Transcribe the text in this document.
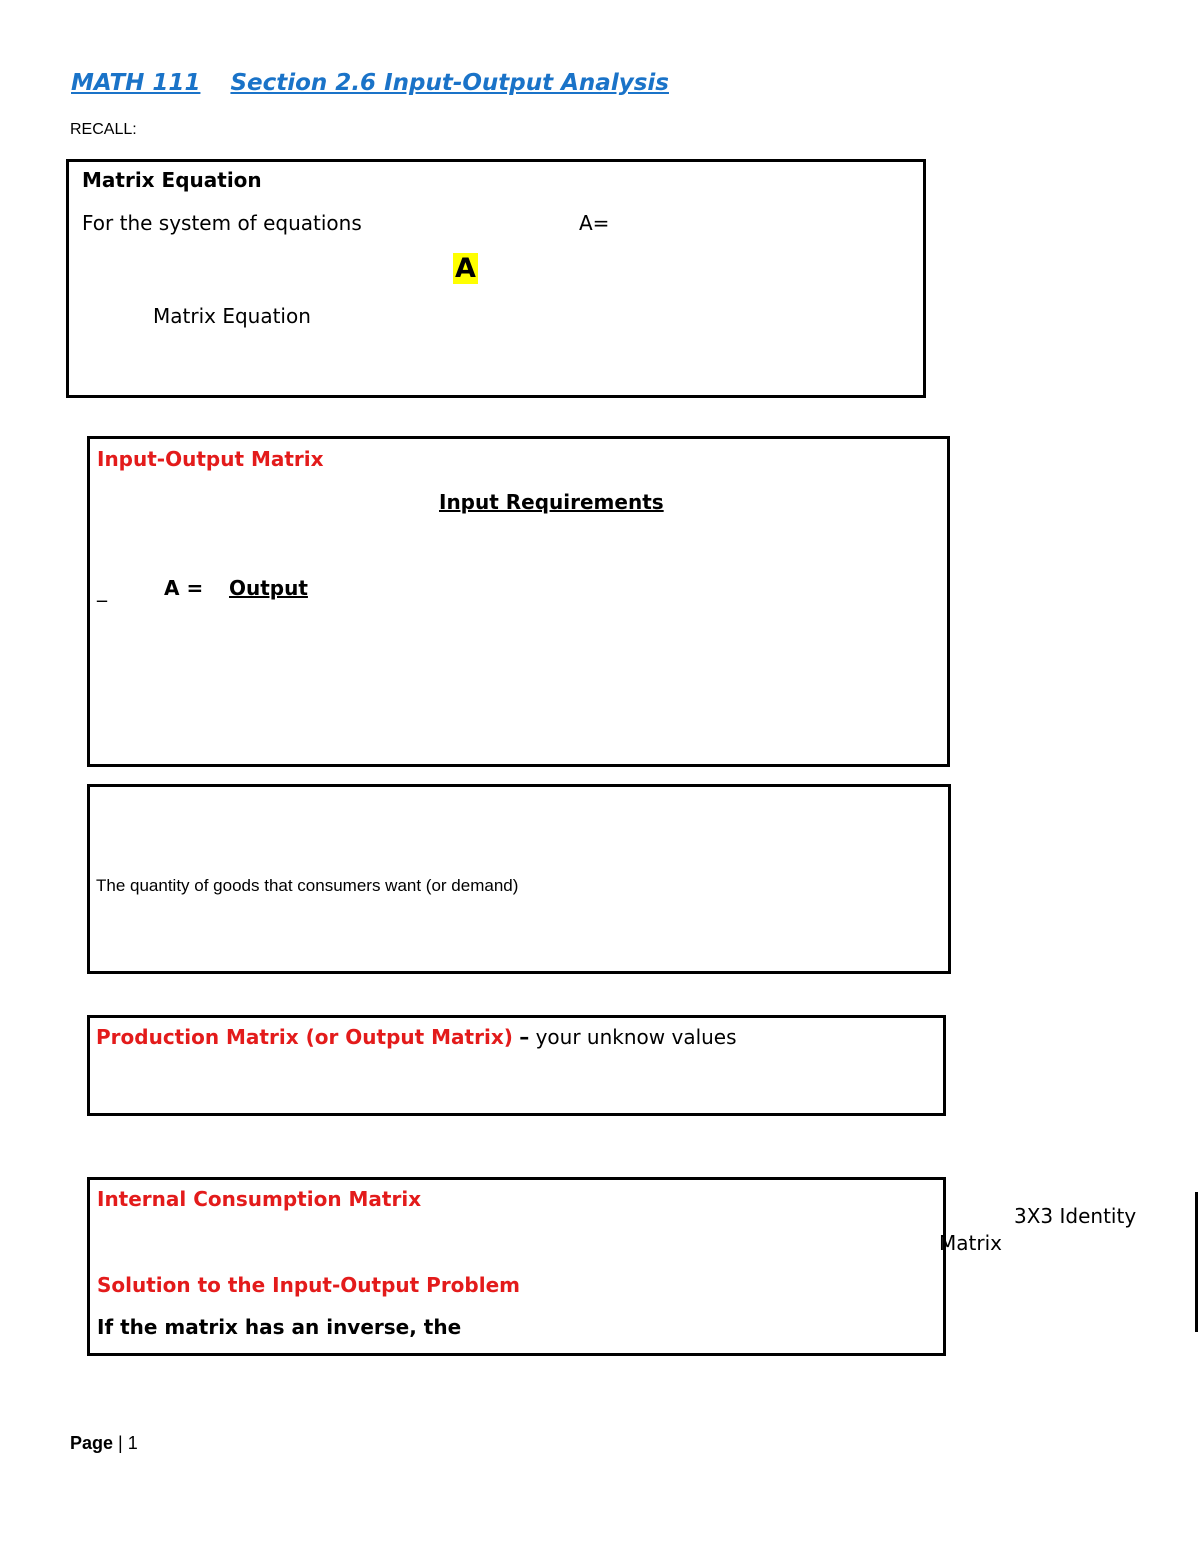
MATH 111 Section 2.6 Input-Output Analysis
RECALL:
Matrix Equation
For the system of equations	A=
A
Matrix Equation
Input-Output Matrix
Input Requirements
_	A = Output
The quantity of goods that consumers want (or demand)
Production Matrix (or Output Matrix) – your unknow values
Internal Consumption Matrix
Solution to the Input-Output Problem
If the matrix has an inverse, the
3X3 Identity
Matrix
Page | 1
